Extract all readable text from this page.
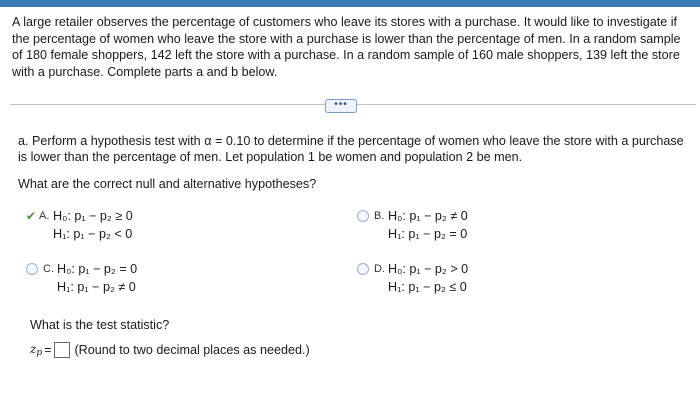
A large retailer observes the percentage of customers who leave its stores with a purchase. It would like to investigate if
the percentage of women who leave the store with a purchase is lower than the percentage of men. In a random sample
of 180 female shoppers, 142 left the store with a purchase. In a random sample of 160 male shoppers, 139 left the store
with a purchase. Complete parts a and b below.
•••
a. Perform a hypothesis test with α = 0.10 to determine if the percentage of women who leave the store with a purchase
is lower than the percentage of men. Let population 1 be women and population 2 be men.
What are the correct null and alternative hypotheses?
✔ A. H₀: p₁ − p₂ ≥ 0
H₁: p₁ − p₂ < 0
B. H₀: p₁ − p₂ ≠ 0
H₁: p₁ − p₂ = 0
C. H₀: p₁ − p₂ = 0
H₁: p₁ − p₂ ≠ 0
D. H₀: p₁ − p₂ > 0
H₁: p₁ − p₂ ≤ 0
What is the test statistic?
$z_p$ = (Round to two decimal places as needed.)
